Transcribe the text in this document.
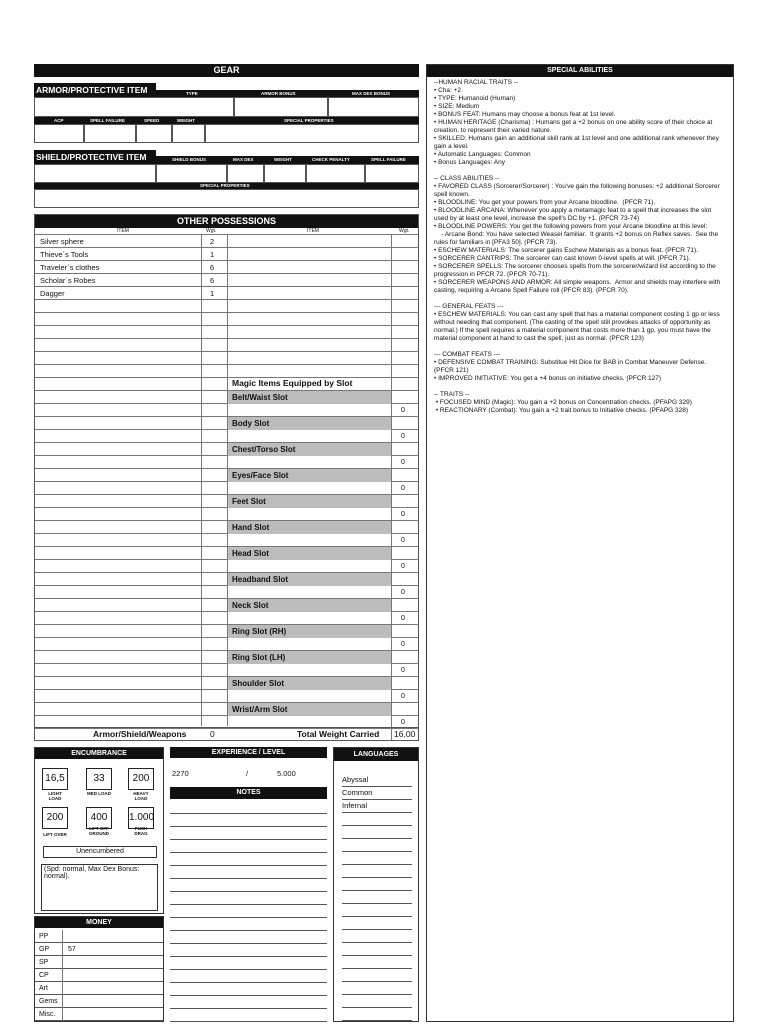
GEAR
ARMOR/PROTECTIVE ITEM	TYPE	ARMOR BONUS	MAX DEX BONUS
ACP	SPELL FAILURE	SPEED	WEIGHT	SPECIAL PROPERTIES
SHIELD/PROTECTIVE ITEM	SHIELD BONUS	MAX DEX	WEIGHT	CHECK PENALTY	SPELL FAILURE
SPECIAL PROPERTIES
OTHER POSSESSIONS
ITEM	Wgt.	ITEM	Wgt.
Silver sphere	2
Thieve´s Tools	1
Traveler´s clothes	6
Scholar´s Robes	6
Dagger	1
Magic Items Equipped by Slot
Belt/Waist Slot
0
Body Slot
0
Chest/Torso Slot
0
Eyes/Face Slot
0
Feet Slot
0
Hand Slot
0
Head Slot
0
Headband Slot
0
Neck Slot
0
Ring Slot (RH)
0
Ring Slot (LH)
0
Shoulder Slot
0
Wrist/Arm Slot
0
Armor/Shield/Weapons	0	Total Weight Carried 16,00
SPECIAL ABILITIES
--HUMAN RACIAL TRAITS --
• Cha: +2
• TYPE: Humanoid (Human)
• SIZE: Medium
• BONUS FEAT: Humans may choose a bonus feat at 1st level.
• HUMAN HERITAGE (Charisma) : Humans get a +2 bonus on one ability score of their choice at creation, to represent their varied nature.
• SKILLED: Humans gain an additional skill rank at 1st level and one additional rank whenever they gain a level.
• Automatic Languages: Common
• Bonus Languages: Any

-- CLASS ABILITIES --
• FAVORED CLASS (Sorcerer/Sorcerer) : You've gain the following bonuses: +2 additional Sorcerer spell known.
• BLOODLINE: You get your powers from your Arcane bloodline.  (PFCR 71).
• BLOODLINE ARCANA: Whenever you apply a metamagic feat to a spell that increases the slot used by at least one level, increase the spell's DC by +1. (PFCR 73-74)
• BLOODLINE POWERS: You get the following powers from your Arcane bloodline at this level:
- Arcane Bond: You have selected Weasel familiar.  It grants +2 bonus on Reflex saves.  See the rules for familiars in [PFA3 50]. (PFCR 73).
• ESCHEW MATERIALS: The sorcerer gains Eschew Materials as a bonus feat. (PFCR 71).
• SORCERER CANTRIPS: The sorcerer can cast known 0-level spells at will. (PFCR 71).
• SORCERER SPELLS: The sorcerer chooses spells from the sorcerer/wizard list according to the progression in PFCR 72. (PFCR 70-71).
• SORCERER WEAPONS AND ARMOR: All simple weapons.  Armor and shields may interfere with casting, requiring a Arcane Spell Failure roll (PFCR 83). (PFCR 70).

--- GENERAL FEATS ---
• ESCHEW MATERIALS: You can cast any spell that has a material component costing 1 gp or less without needing that component. (The casting of the spell still provokes attacks of opportunity as normal.) If the spell requires a material component that costs more than 1 gp, you must have the material component at hand to cast the spell, just as normal. (PFCR 123)

--- COMBAT FEATS ---
• DEFENSIVE COMBAT TRAINING: Substitue Hit Dice for BAB in Combat Maneuver Defense. (PFCR 121)
• IMPROVED INITIATIVE: You get a +4 bonus on initiative checks. (PFCR 127)

-- TRAITS --
• FOCUSED MIND (Magic): You gain a +2 bonus on Concentration checks. (PFAPG 329)
• REACTIONARY (Combat): You gain a +2 trait bonus to Initiative checks. (PFAPG 328)
ENCUMBRANCE
16,5	33	200
LIGHT LOAD
MED LOAD	HEAVY LOAD
200	400	1.000
LIFT OVER
LIFT OFF GROUND
PUSH DRAG
Unencumbered
(Spd: normal, Max Dex Bonus: normal).
MONEY
PP
GP	57
SP
CP
Art
Gems
Misc.
EXPERIENCE / LEVEL
2270	/	5.000
NOTES
LANGUAGES
Abyssal
Common
Infernal
